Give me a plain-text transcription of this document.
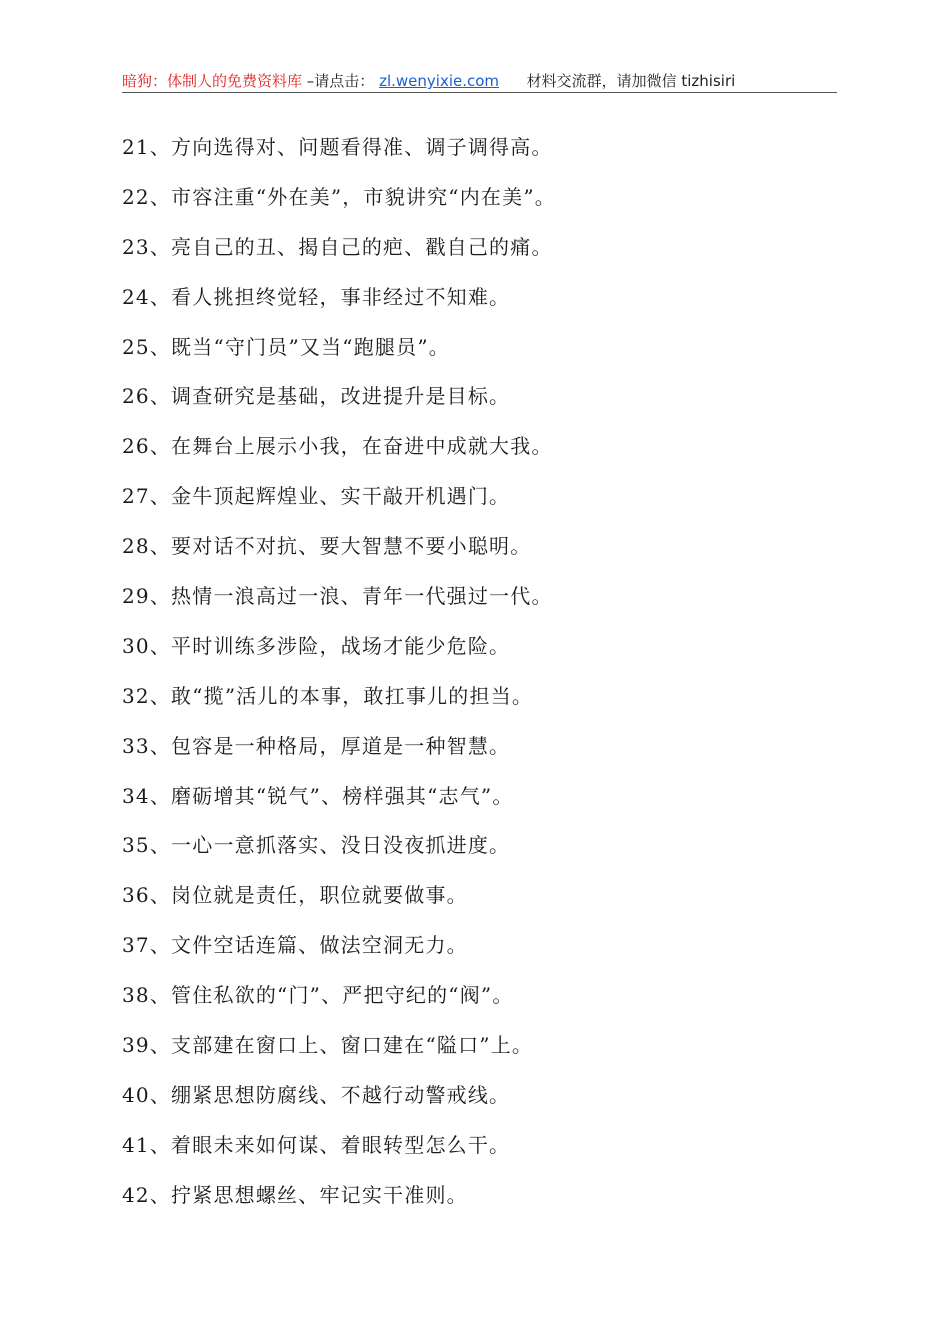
暗狗：体制人的免费资料库 –请点击： zl.wenyixie.com 材料交流群，请加微信 tizhisiri
21、方向选得对、问题看得准、调子调得高。
22、市容注重“外在美”，市貌讲究“内在美”。
23、亮自己的丑、揭自己的疤、戳自己的痛。
24、看人挑担终觉轻，事非经过不知难。
25、既当“守门员”又当“跑腿员”。
26、调查研究是基础，改进提升是目标。
26、在舞台上展示小我，在奋进中成就大我。
27、金牛顶起辉煌业、实干敲开机遇门。
28、要对话不对抗、要大智慧不要小聪明。
29、热情一浪高过一浪、青年一代强过一代。
30、平时训练多涉险，战场才能少危险。
32、敢“揽”活儿的本事，敢扛事儿的担当。
33、包容是一种格局，厚道是一种智慧。
34、磨砺增其“锐气”、榜样强其“志气”。
35、一心一意抓落实、没日没夜抓进度。
36、岗位就是责任，职位就要做事。
37、文件空话连篇、做法空洞无力。
38、管住私欲的“门”、严把守纪的“阀”。
39、支部建在窗口上、窗口建在“隘口”上。
40、绷紧思想防腐线、不越行动警戒线。
41、着眼未来如何谋、着眼转型怎么干。
42、拧紧思想螺丝、牢记实干准则。
